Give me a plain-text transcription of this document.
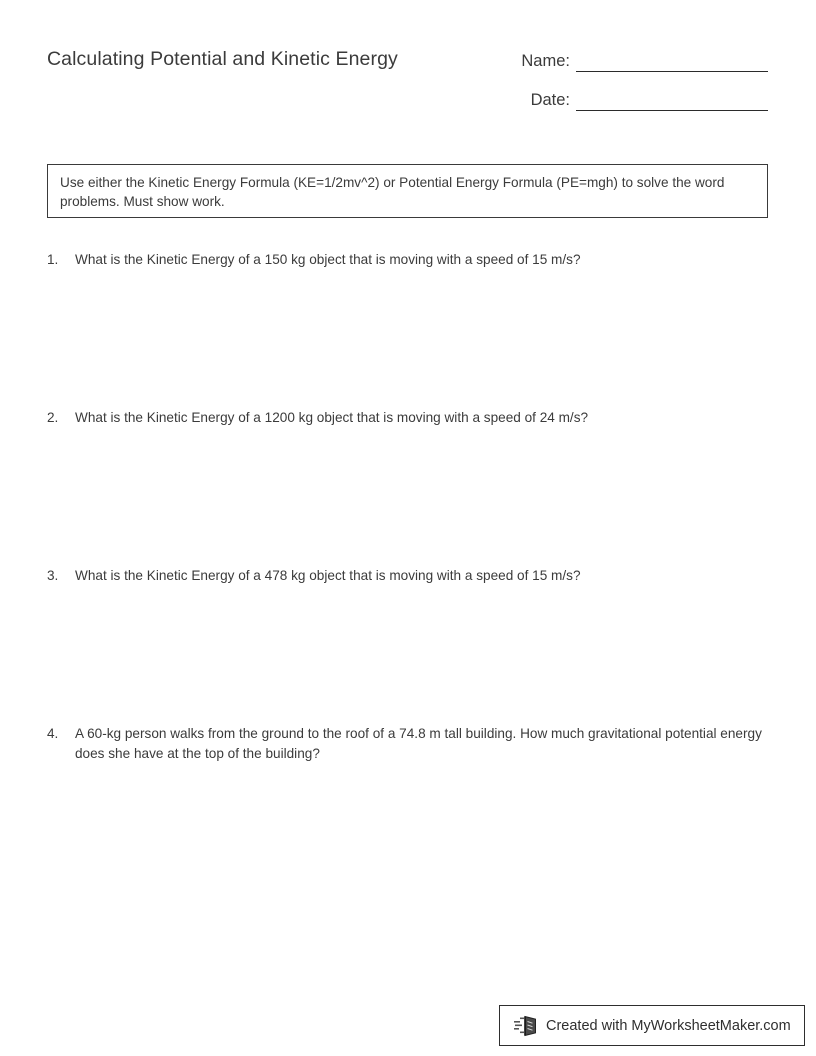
Calculating Potential and Kinetic Energy	Name:
Date:
Use either the Kinetic Energy Formula (KE=1/2mv^2) or Potential Energy Formula (PE=mgh) to solve the word problems. Must show work.
1.	What is the Kinetic Energy of a 150 kg object that is moving with a speed of 15 m/s?
2.	What is the Kinetic Energy of a 1200 kg object that is moving with a speed of 24 m/s?
3.	What is the Kinetic Energy of a 478 kg object that is moving with a speed of 15 m/s?
4.	A 60-kg person walks from the ground to the roof of a 74.8 m tall building. How much gravitational potential energy does she have at the top of the building?
Created with MyWorksheetMaker.com
